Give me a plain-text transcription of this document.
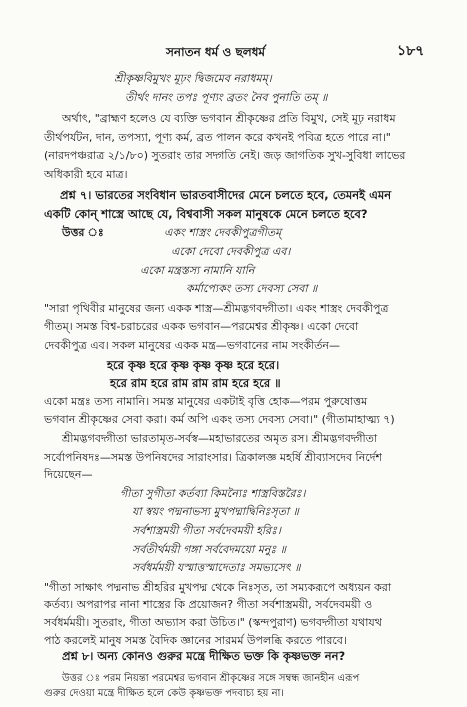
সনাতন ধর্ম ও ছলধর্ম	১৮৭
শ্রীকৃষ্ণবিমুখং মূঢ়ং দ্বিজমেব নরাধমম্।
তীর্থং দানং তপঃ পূণ্যং ব্রতং নৈব পুনাতি তম্ ॥
অর্থাৎ, "ব্রাহ্মণ হলেও যে ব্যক্তি ভগবান শ্রীকৃষ্ণের প্রতি বিমুখ, সেই মূঢ় নরাধম
তীর্থপর্যটন, দান, তপস্যা, পূণ্য কর্ম, ব্রত পালন করে কখনই পবিত্র হতে পারে না।"
(নারদপঞ্চরাত্র ২/১/৮০) সুতরাং তার সদ্গতি নেই। জড় জাগতিক সুখ-সুবিধা লাভের
অধিকারী হবে মাত্র।
প্রশ্ন ৭। ভারতের সংবিধান ভারতবাসীদের মেনে চলতে হবে, তেমনই এমন
একটি কোন্ শাস্ত্রে আছে যে, বিশ্ববাসী সকল মানুষকে মেনে চলতে হবে?
উত্তর ঃ	একং শাস্ত্রং দেবকীপুত্রগীতম্
একো দেবো দেবকীপুত্র এব।
একো মন্ত্রস্তস্য নামানি যানি
কর্মাপ্যেকং তস্য দেবস্য সেবা ॥
"সারা পৃথিবীর মানুষের জন্য একক শাস্ত্র—শ্রীমদ্ভগবদ্গীতা। একং শাস্ত্রং দেবকীপুত্র
গীতম্। সমস্ত বিশ্ব-চরাচরের একক ভগবান—পরমেশ্বর শ্রীকৃষ্ণ। একো দেবো
দেবকীপুত্র এব। সকল মানুষের একক মন্ত্র—ভগবানের নাম সংকীর্তন—
হরে কৃষ্ণ হরে কৃষ্ণ কৃষ্ণ কৃষ্ণ হরে হরে।
হরে রাম হরে রাম রাম রাম হরে হরে ॥
একো মন্ত্রঃ তস্য নামানি। সমস্ত মানুষের একটাই বৃত্তি হোক—পরম পুরুষোত্তম
ভগবান শ্রীকৃষ্ণের সেবা করা। কর্ম অপি একং তস্য দেবস্য সেবা।" (গীতামাহাত্ম্য ৭)
শ্রীমদ্ভগবদ্গীতা ভারতামৃত-সর্বস্ব—মহাভারতের অমৃত রস। শ্রীমদ্ভগবদ্গীতা
সর্বোপনিষদঃ—সমস্ত উপনিষদের সারাংসার। ত্রিকালজ্ঞ মহর্ষি শ্রীব্যাসদেব নির্দেশ
দিয়েছেন—
গীতা সুগীতা কর্তব্যা কিমন্যৈঃ শাস্ত্রবিস্তরৈঃ।
যা স্বয়ং পদ্মনাভস্য মুখপদ্মাদ্বিনিঃসৃতা ॥
সর্বশাস্ত্রময়ী গীতা সর্বদেবময়ী হরিঃ।
সর্বতীর্থময়ী গঙ্গা সর্ববেদময়ো মনুঃ ॥
সর্বধর্মময়ী যস্মাত্তস্মাদেতাঃ সমভ্যসেৎ ॥
"গীতা সাক্ষাৎ পদ্মনাভ শ্রীহরির মুখপদ্ম থেকে নিঃসৃত, তা সম্যকরূপে অধ্যয়ন করা
কর্তব্য। অপরাপর নানা শাস্ত্রের কি প্রয়োজন? গীতা সর্বশাস্ত্রময়ী, সর্বদেবময়ী ও
সর্বধর্মময়ী। সুতরাং, গীতা অভ্যাস করা উচিত।" (স্কন্দপুরাণ) ভগবদ্গীতা যথাযথ
পাঠ করলেই মানুষ সমস্ত বৈদিক জ্ঞানের সারমর্ম উপলব্ধি করতে পারবে।
প্রশ্ন ৮। অন্য কোনও গুরুর মন্ত্রে দীক্ষিত ভক্ত কি কৃষ্ণভক্ত নন?
উত্তর ঃ পরম নিয়ন্তা পরমেশ্বর ভগবান শ্রীকৃষ্ণের সঙ্গে সম্বন্ধ জানহীন এরূপ
গুরুর দেওয়া মন্ত্রে দীক্ষিত হলে কেউ কৃষ্ণভক্ত পদবাচ্য হয় না।
